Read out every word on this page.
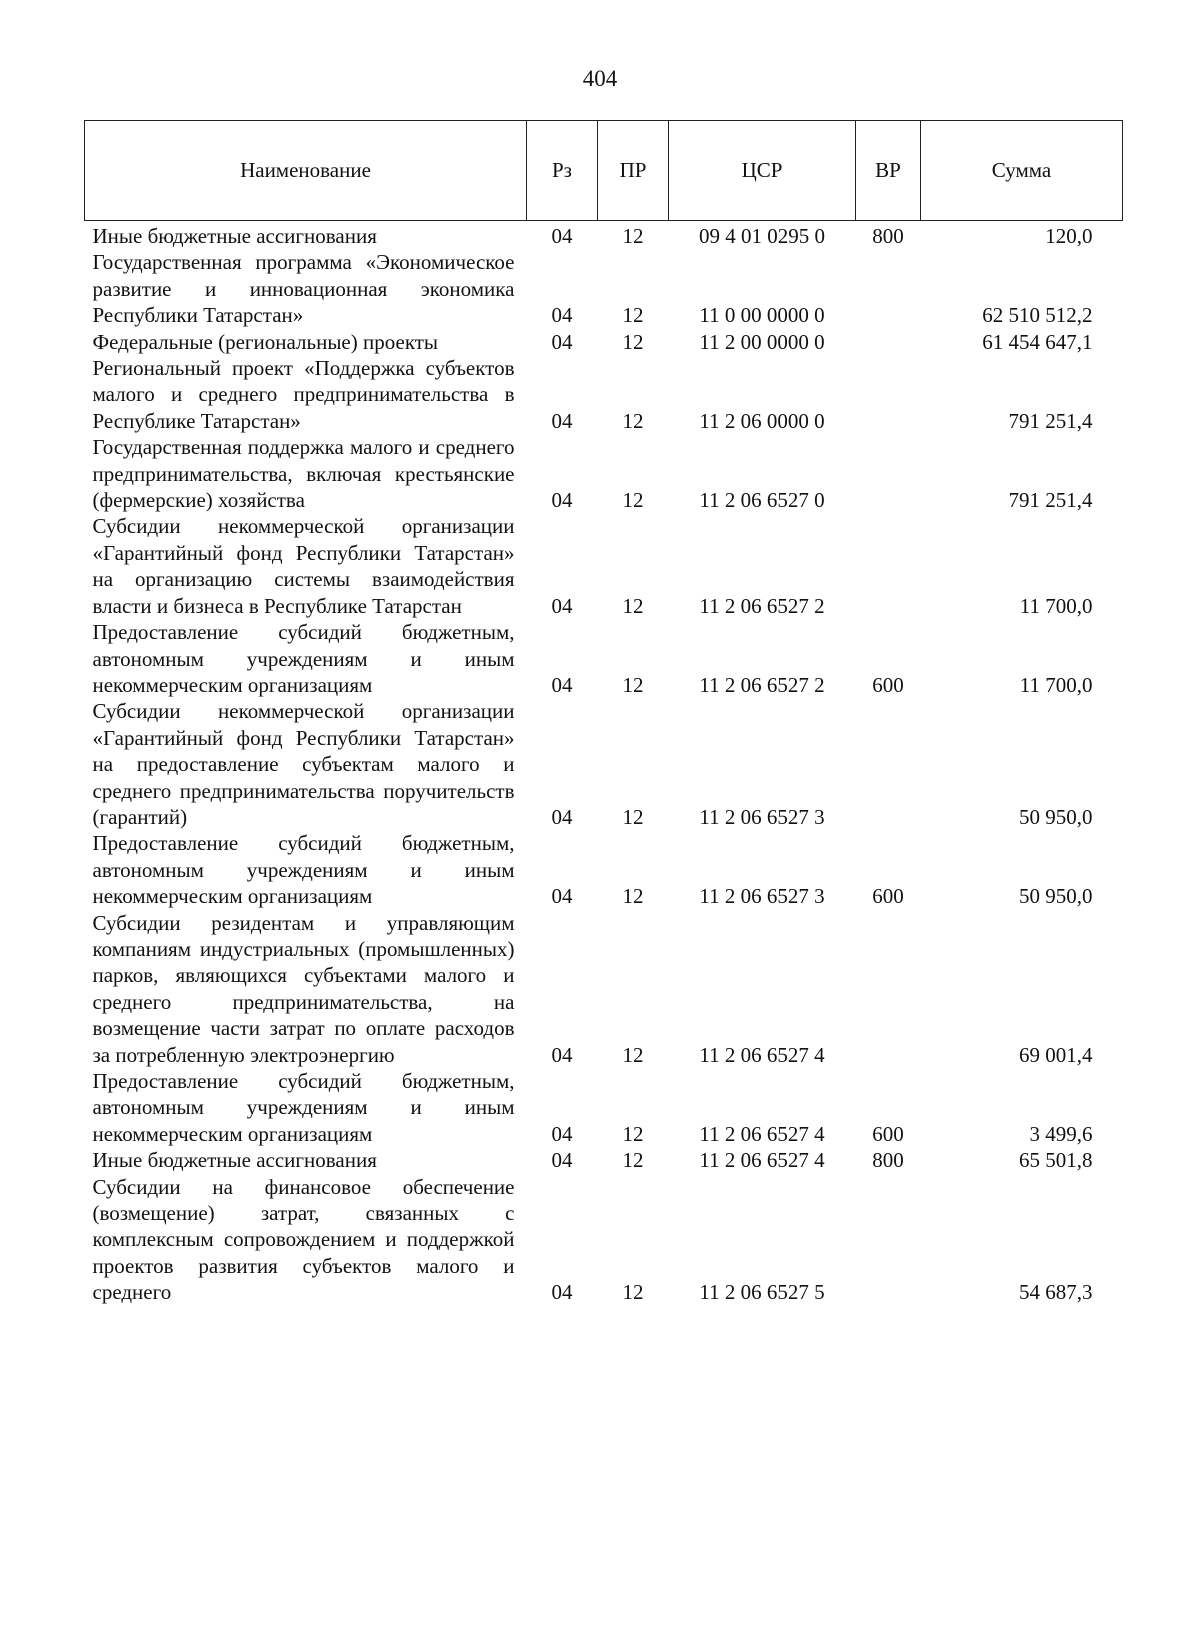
404
Наименование	Рз	ПР	ЦСР	ВР	Сумма
Иные бюджетные ассигнования	04	12	09 4 01 0295 0	800	120,0
Государственная программа «Экономическое развитие и инновационная экономика Республики Татарстан»	04	12	11 0 00 0000 0		62 510 512,2
Федеральные (региональные) проекты	04	12	11 2 00 0000 0		61 454 647,1
Региональный проект «Поддержка субъектов малого и среднего предпринимательства в Республике Татарстан»	04	12	11 2 06 0000 0		791 251,4
Государственная поддержка малого и среднего предпринимательства, включая крестьянские (фермерские) хозяйства	04	12	11 2 06 6527 0		791 251,4
Субсидии некоммерческой организации «Гарантийный фонд Республики Татарстан» на организацию системы взаимодействия власти и бизнеса в Республике Татарстан	04	12	11 2 06 6527 2		11 700,0
Предоставление субсидий бюджетным, автономным учреждениям и иным некоммерческим организациям	04	12	11 2 06 6527 2	600	11 700,0
Субсидии некоммерческой организации «Гарантийный фонд Республики Татарстан» на предоставление субъектам малого и среднего предпринимательства поручительств (гарантий)	04	12	11 2 06 6527 3		50 950,0
Предоставление субсидий бюджетным, автономным учреждениям и иным некоммерческим организациям	04	12	11 2 06 6527 3	600	50 950,0
Субсидии резидентам и управляющим компаниям индустриальных (промышленных) парков, являющихся субъектами малого и среднего предпринимательства, на возмещение части затрат по оплате расходов за потребленную электроэнергию	04	12	11 2 06 6527 4		69 001,4
Предоставление субсидий бюджетным, автономным учреждениям и иным некоммерческим организациям	04	12	11 2 06 6527 4	600	3 499,6
Иные бюджетные ассигнования	04	12	11 2 06 6527 4	800	65 501,8
Субсидии на финансовое обеспечение (возмещение) затрат, связанных с комплексным сопровождением и поддержкой проектов развития субъектов малого и среднего	04	12	11 2 06 6527 5		54 687,3
